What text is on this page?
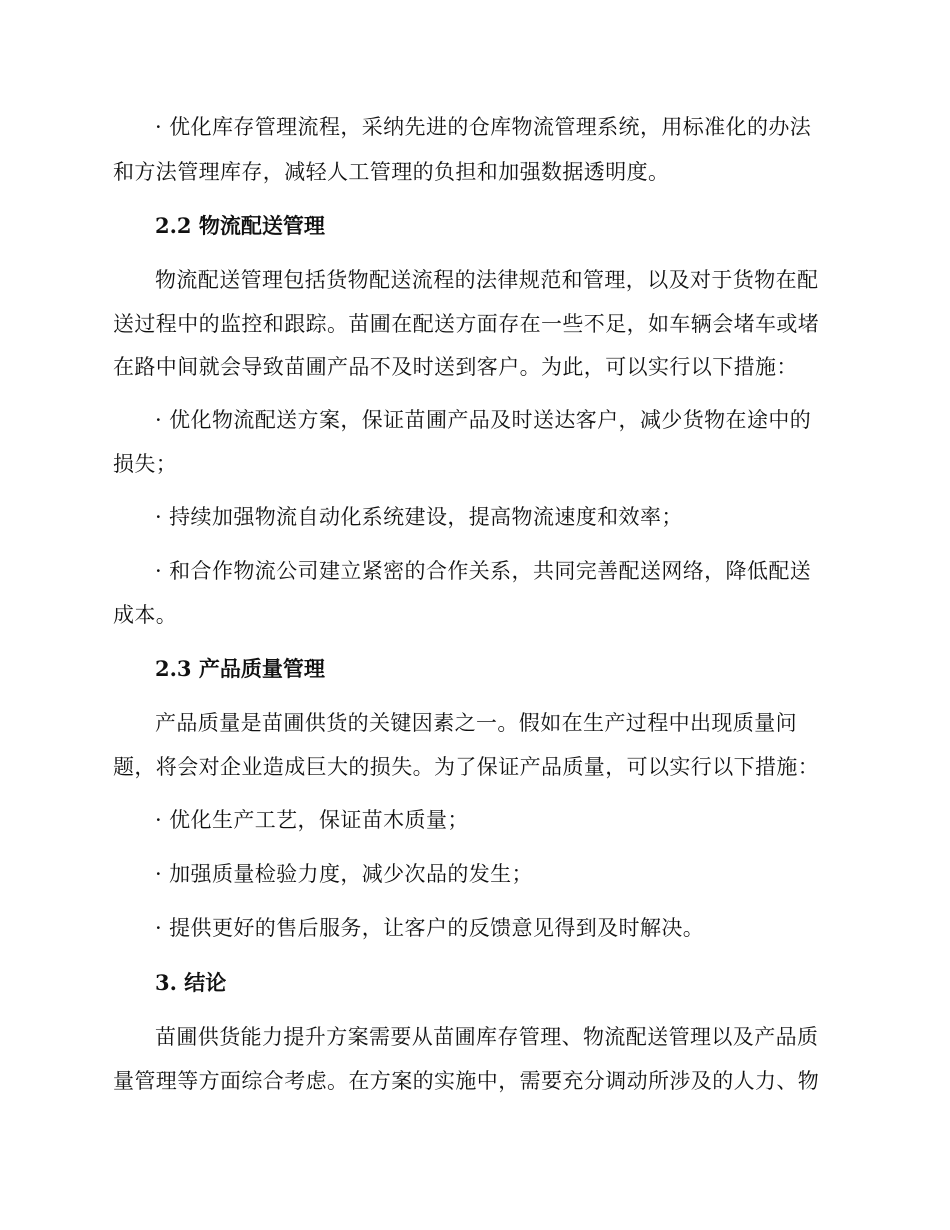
· 优化库存管理流程，采纳先进的仓库物流管理系统，用标准化的办法
和方法管理库存，减轻人工管理的负担和加强数据透明度。
2.2 物流配送管理
物流配送管理包括货物配送流程的法律规范和管理，以及对于货物在配
送过程中的监控和跟踪。苗圃在配送方面存在一些不足，如车辆会堵车或堵
在路中间就会导致苗圃产品不及时送到客户。为此，可以实行以下措施：
· 优化物流配送方案，保证苗圃产品及时送达客户，减少货物在途中的
损失；
· 持续加强物流自动化系统建设，提高物流速度和效率；
· 和合作物流公司建立紧密的合作关系，共同完善配送网络，降低配送
成本。
2.3 产品质量管理
产品质量是苗圃供货的关键因素之一。假如在生产过程中出现质量问
题，将会对企业造成巨大的损失。为了保证产品质量，可以实行以下措施：
· 优化生产工艺，保证苗木质量；
· 加强质量检验力度，减少次品的发生；
· 提供更好的售后服务，让客户的反馈意见得到及时解决。
3. 结论
苗圃供货能力提升方案需要从苗圃库存管理、物流配送管理以及产品质
量管理等方面综合考虑。在方案的实施中，需要充分调动所涉及的人力、物
